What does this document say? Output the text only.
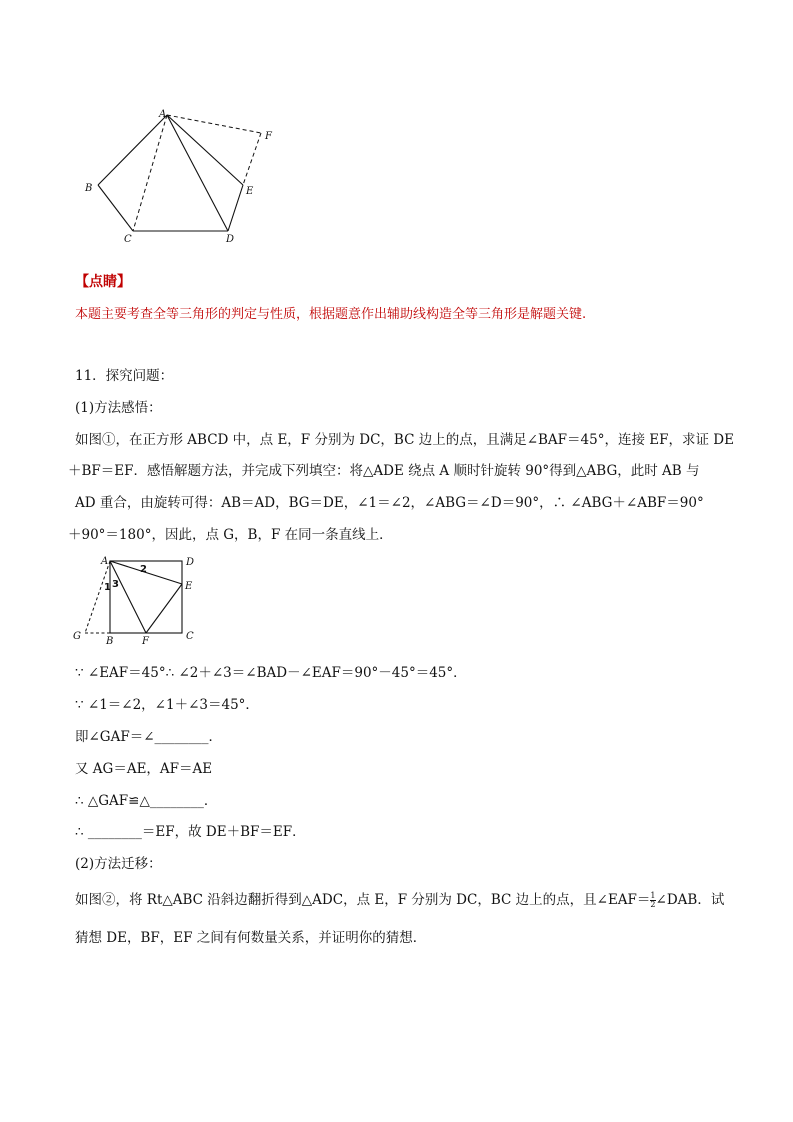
A
B
C	D
E
F
【点睛】
本题主要考查全等三角形的判定与性质，根据题意作出辅助线构造全等三角形是解题关键.
11．探究问题：
(1)方法感悟：
如图①，在正方形 ABCD 中，点 E，F 分别为 DC，BC 边上的点，且满足∠BAF＝45°，连接 EF，求证 DE
＋BF＝EF．感悟解题方法，并完成下列填空：将△ADE 绕点 A 顺时针旋转 90°得到△ABG，此时 AB 与
AD 重合，由旋转可得：AB＝AD，BG＝DE，∠1＝∠2，∠ABG＝∠D＝90°，∴ ∠ABG＋∠ABF＝90°
＋90°＝180°，因此，点 G，B，F 在同一条直线上．
A	D
E
G	B	F	C
1
2
3
∵ ∠EAF＝45°∴ ∠2＋∠3＝∠BAD－∠EAF＝90°－45°＝45°．
∵ ∠1＝∠2，∠1＋∠3＝45°．
即∠GAF＝∠________．
又 AG＝AE，AF＝AE
∴ △GAF≌△________．
∴ ________＝EF，故 DE＋BF＝EF．
(2)方法迁移：
如图②，将 Rt△ABC 沿斜边翻折得到△ADC，点 E，F 分别为 DC，BC 边上的点，且∠EAF＝ $\frac{1}{2}$ ∠DAB．试
猜想 DE，BF，EF 之间有何数量关系，并证明你的猜想．
